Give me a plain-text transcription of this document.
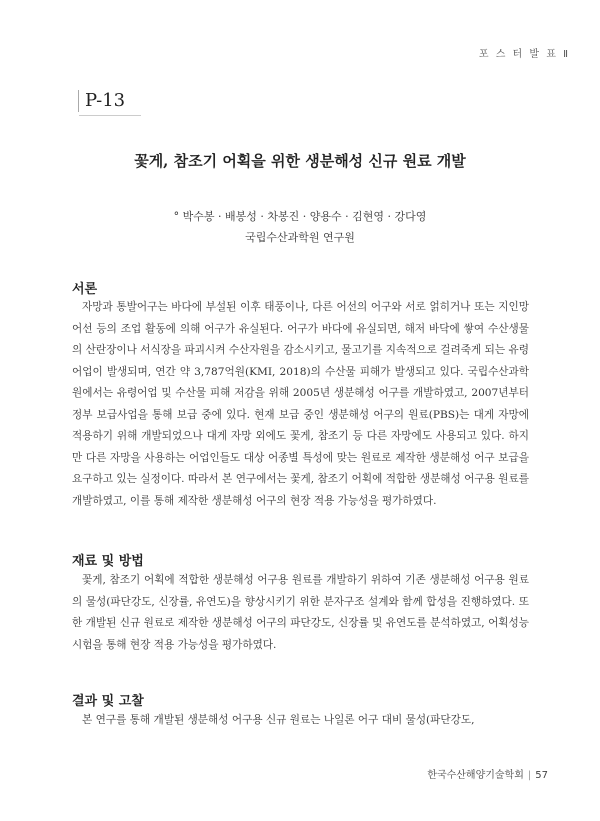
포 스 터 발 표 Ⅱ
P-13
꽃게, 참조기 어획을 위한 생분해성 신규 원료 개발
° 박수봉 · 배봉성 · 차봉진 · 양용수 · 김현영 · 강다영
국립수산과학원 연구원
서론

자망과 통발어구는 바다에 부설된 이후 태풍이나, 다른 어선의 어구와 서로 얽히거나 또는 지인망어선 등의 조업 활동에 의해 어구가 유실된다. 어구가 바다에 유실되면, 해저 바닥에 쌓여 수산생물의 산란장이나 서식장을 파괴시켜 수산자원을 감소시키고, 물고기를 지속적으로 걸려죽게 되는 유령어업이 발생되며, 연간 약 3,787억원(KMI, 2018)의 수산물 피해가 발생되고 있다. 국립수산과학원에서는 유령어업 및 수산물 피해 저감을 위해 2005년 생분해성 어구를 개발하였고, 2007년부터 정부 보급사업을 통해 보급 중에 있다. 현재 보급 중인 생분해성 어구의 원료(PBS)는 대게 자망에 적용하기 위해 개발되었으나 대게 자망 외에도 꽃게, 참조기 등 다른 자망에도 사용되고 있다. 하지만 다른 자망을 사용하는 어업인들도 대상 어종별 특성에 맞는 원료로 제작한 생분해성 어구 보급을 요구하고 있는 실정이다. 따라서 본 연구에서는 꽃게, 참조기 어획에 적합한 생분해성 어구용 원료를 개발하였고, 이를 통해 제작한 생분해성 어구의 현장 적용 가능성을 평가하였다.

재료 및 방법

꽃게, 참조기 어획에 적합한 생분해성 어구용 원료를 개발하기 위하여 기존 생분해성 어구용 원료의 물성(파단강도, 신장률, 유연도)을 향상시키기 위한 분자구조 설계와 함께 합성을 진행하였다. 또한 개발된 신규 원료로 제작한 생분해성 어구의 파단강도, 신장률 및 유연도를 분석하였고, 어획성능 시험을 통해 현장 적용 가능성을 평가하였다.

결과 및 고찰

본 연구를 통해 개발된 생분해성 어구용 신규 원료는 나일론 어구 대비 물성(파단강도,

한국수산해양기술학회 | 57
